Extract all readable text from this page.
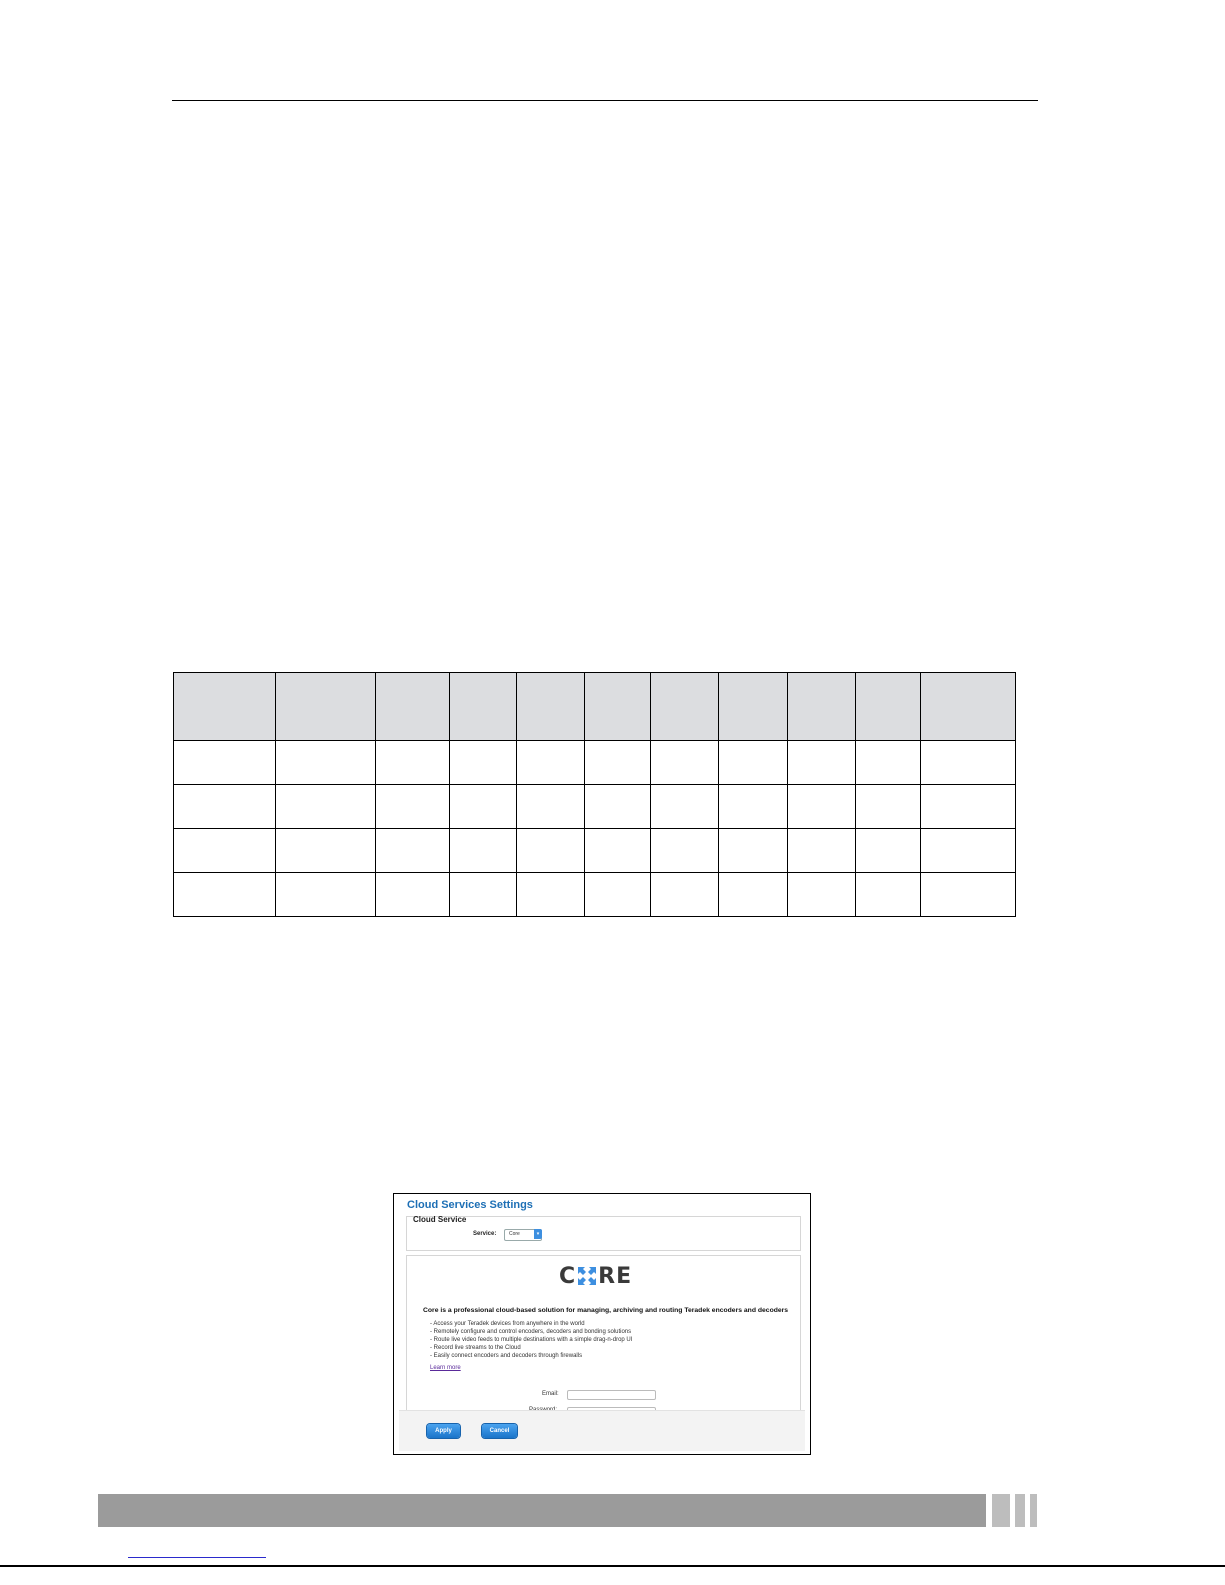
Cloud Services Settings
Cloud Service
Service:	Core	▾
C RE
Core is a professional cloud-based solution for managing, archiving and routing Teradek encoders and decoders
- Access your Teradek devices from anywhere in the world
- Remotely configure and control encoders, decoders and bonding solutions
- Route live video feeds to multiple destinations with a simple drag-n-drop UI
- Record live streams to the Cloud
- Easily connect encoders and decoders through firewalls
Learn more
Email:
Apply	Cancel
